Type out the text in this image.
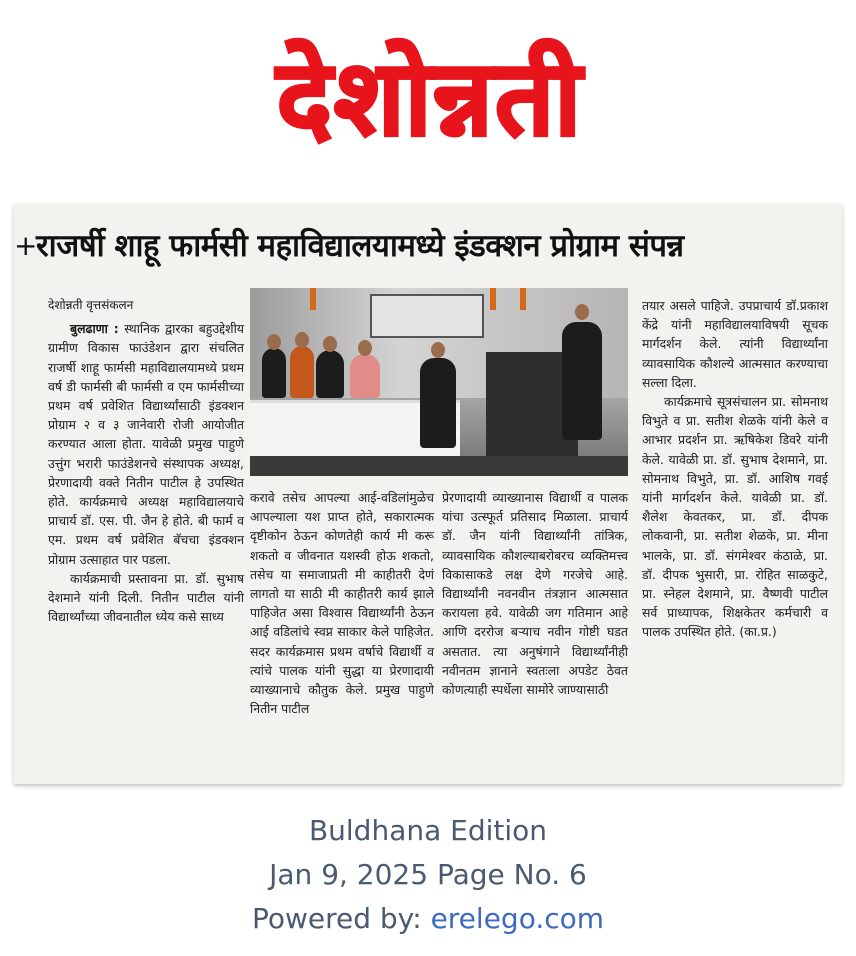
देशोन्नती
+
राजर्षी शाहू फार्मसी महाविद्यालयामध्ये इंडक्शन प्रोग्राम संपन्न

देशोन्नती वृत्तसंकलन

बुलढाणा : स्थानिक द्वारका बहुउद्देशीय ग्रामीण विकास फाउंडेशन द्वारा संचलित राजर्षी शाहू फार्मसी महाविद्यालयामध्ये प्रथम वर्ष डी फार्मसी बी फार्मसी व एम फार्मसीच्या प्रथम वर्ष प्रवेशित विद्यार्थ्यांसाठी इंडक्शन प्रोग्राम २ व ३ जानेवारी रोजी आयोजीत करण्यात आला होता. यावेळी प्रमुख पाहुणे उत्तुंग भरारी फाउंडेशनचे संस्थापक अध्यक्ष, प्रेरणादायी वक्ते नितीन पाटील हे उपस्थित होते. कार्यक्रमाचे अध्यक्ष महाविद्यालयाचे प्राचार्य डॉ. एस. पी. जैन हे होते. बी फार्म व एम. प्रथम वर्ष प्रवेशित बॅचचा इंडक्शन प्रोग्राम उत्साहात पार पडला.

कार्यक्रमाची प्रस्तावना प्रा. डॉ. सुभाष देशमाने यांनी दिली. नितीन पाटील यांनी विद्यार्थ्यांच्या जीवनातील ध्येय कसे साध्य

करावे तसेच आपल्या आई-वडिलांमुळेच आपल्याला यश प्राप्त होते, सकारात्मक दृष्टीकोन ठेऊन कोणतेही कार्य मी करू शकतो व जीवनात यशस्वी होऊ शकतो, तसेच या समाजाप्रती मी काहीतरी देणं लागतो या साठी मी काहीतरी कार्य झाले पाहिजेत असा विश्वास विद्यार्थ्यांनी ठेऊन आई वडिलांचे स्वप्न साकार केले पाहिजेत. सदर कार्यक्रमास प्रथम वर्षाचे विद्यार्थी व त्यांचे पालक यांनी सुद्धा या प्रेरणादायी व्याख्यानाचे कौतुक केले. प्रमुख पाहुणे नितीन पाटील

प्रेरणादायी व्याख्यानास विद्यार्थी व पालक यांचा उत्स्फूर्त प्रतिसाद मिळाला. प्राचार्य डॉ. जैन यांनी विद्यार्थ्यांनी तांत्रिक, व्यावसायिक कौशल्याबरोबरच व्यक्तिमत्त्व विकासाकडे लक्ष देणे गरजेचे आहे. विद्यार्थ्यांनी नवनवीन तंत्रज्ञान आत्मसात करायला हवे. यावेळी जग गतिमान आहे आणि दररोज बऱ्याच नवीन गोष्टी घडत असतात. त्या अनुषंगाने विद्यार्थ्यांनीही नवीनतम ज्ञानाने स्वतःला अपडेट ठेवत कोणत्याही स्पर्धेला सामोरे जाण्यासाठी

तयार असले पाहिजे. उपप्राचार्य डॉ.प्रकाश केंद्रे यांनी महाविद्यालयाविषयी सूचक मार्गदर्शन केले. त्यांनी विद्यार्थ्यांना व्यावसायिक कौशल्ये आत्मसात करण्याचा सल्ला दिला.

कार्यक्रमाचे सूत्रसंचालन प्रा. सोमनाथ विभुते व प्रा. सतीश शेळके यांनी केले व आभार प्रदर्शन प्रा. ऋषिकेश डिवरे यांनी केले. यावेळी प्रा. डॉ. सुभाष देशमाने, प्रा. सोमनाथ विभुते, प्रा. डॉ. आशिष गवई यांनी मार्गदर्शन केले. यावेळी प्रा. डॉ. शैलेश केवतकर, प्रा. डॉ. दीपक लोकवानी, प्रा. सतीश शेळके, प्रा. मीना भालके, प्रा. डॉ. संगमेश्वर कंठाळे, प्रा. डॉ. दीपक भुसारी, प्रा. रोहित साळकुटे, प्रा. स्नेहल देशमाने, प्रा. वैष्णवी पाटील सर्व प्राध्यापक, शिक्षकेतर कर्मचारी व पालक उपस्थित होते. (का.प्र.)

Buldhana Edition
Jan 9, 2025 Page No. 6
Powered by: erelego.com
